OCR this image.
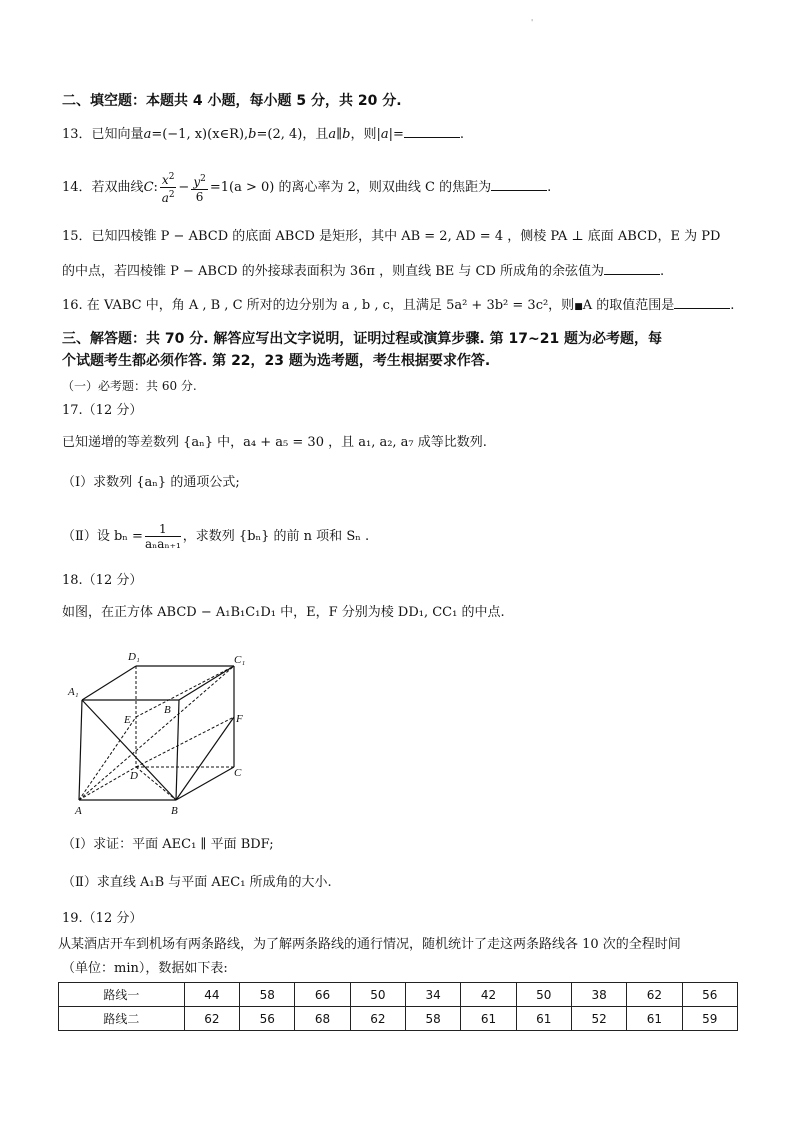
'
二、填空题：本题共 4 小题，每小题 5 分，共 20 分.
13．已知向量a=(−1, x)(x∈R),b=(2, 4)，且a∥b，则|a|=	.
14．若双曲线C: $\frac{x^2}{a^2} - \frac{y^2}{6} =1(a > 0)$ 的离心率为 2，则双曲线 C 的焦距为	.
15．已知四棱锥 P − ABCD 的底面 ABCD 是矩形，其中 AB = 2, AD = 4 ，侧棱 PA ⊥ 底面 ABCD，E 为 PD
的中点，若四棱锥 P − ABCD 的外接球表面积为 36π ，则直线 BE 与 CD 所成角的余弦值为	.
16. 在 VABC 中，角 A , B , C 所对的边分别为 a , b , c，且满足 5a² + 3b² = 3c²，则■A 的取值范围是	.
三、解答题：共 70 分. 解答应写出文字说明，证明过程或演算步骤. 第 17~21 题为必考题，每
个试题考生都必须作答. 第 22，23 题为选考题，考生根据要求作答.
（一）必考题：共 60 分.
17.（12 分）
已知递增的等差数列 {aₙ} 中，a₄ + a₅ = 30 ，且 a₁, a₂, a₇ 成等比数列.
（Ⅰ）求数列 {aₙ} 的通项公式;
（Ⅱ）设 $b_n = \frac{1}{\text{aₙaₙ₊₁}}$ ，求数列 {bₙ} 的前 n 项和 Sₙ .
18.（12 分）
如图，在正方体 ABCD − A₁B₁C₁D₁ 中，E，F 分别为棱 DD₁, CC₁ 的中点.
D₁	C₁
A₁
B
E	F
D	C
A	B
（Ⅰ）求证：平面 AEC₁ ∥ 平面 BDF;
（Ⅱ）求直线 A₁B 与平面 AEC₁ 所成角的大小.
19.（12 分）
从某酒店开车到机场有两条路线，为了解两条路线的通行情况，随机统计了走这两条路线各 10 次的全程时间
（单位：min），数据如下表:
路线一	44	58	66	50	34	42	50	38	62	56
路线二	62	56	68	62	58	61	61	52	61	59
